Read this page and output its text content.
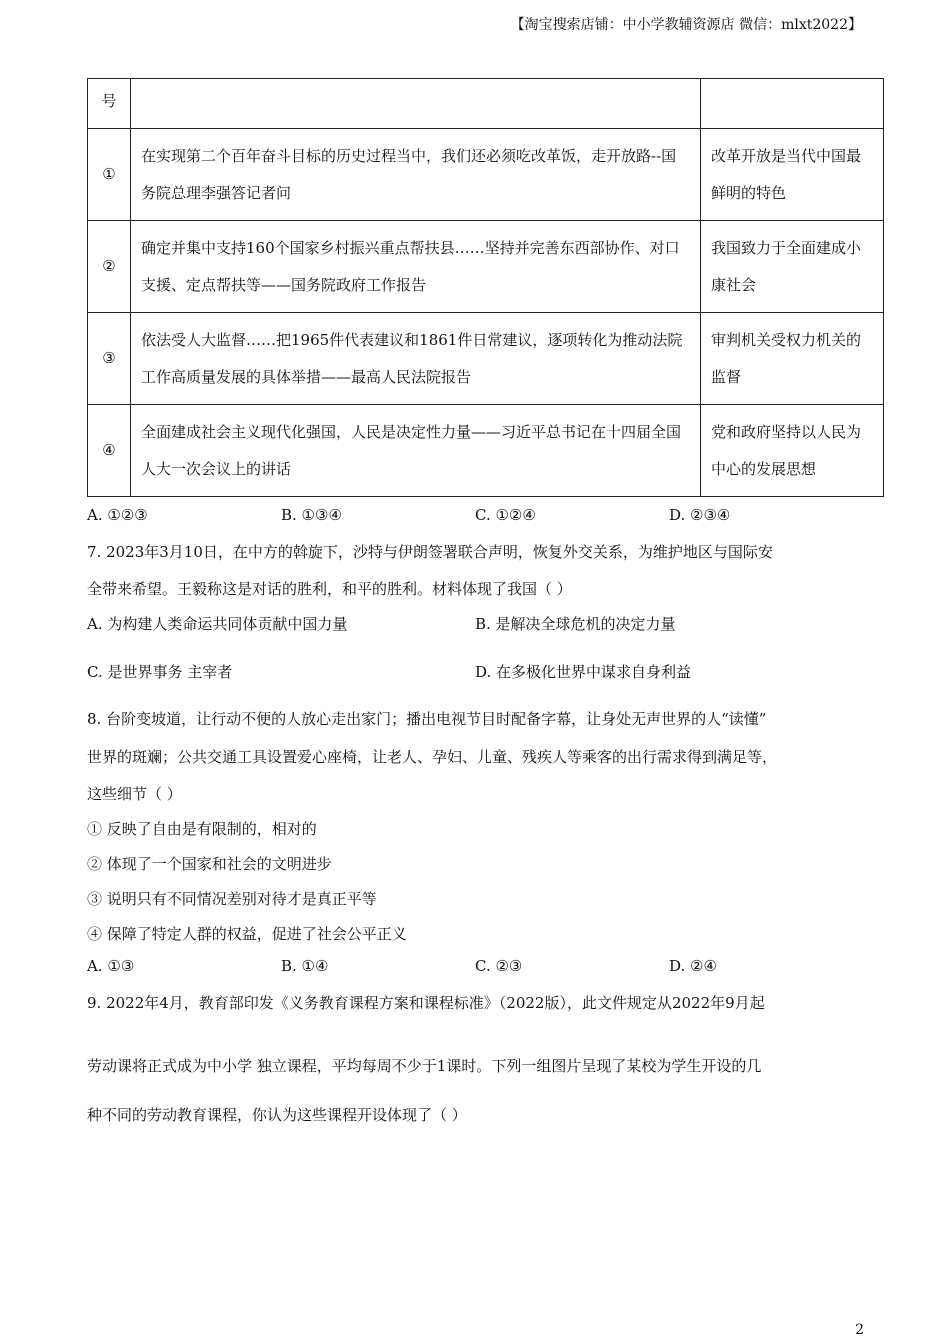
【淘宝搜索店铺：中小学教辅资源店 微信：mlxt2022】
号		
①	在实现第二个百年奋斗目标的历史过程当中，我们还必须吃改革饭，走开放路--国务院总理李强答记者问	改革开放是当代中国最鲜明的特色
②	确定并集中支持160个国家乡村振兴重点帮扶县……坚持并完善东西部协作、对口支援、定点帮扶等——国务院政府工作报告	我国致力于全面建成小康社会
③	依法受人大监督……把1965件代表建议和1861件日常建议，逐项转化为推动法院工作高质量发展的具体举措——最高人民法院报告	审判机关受权力机关的监督
④	全面建成社会主义现代化强国，人民是决定性力量——习近平总书记在十四届全国人大一次会议上的讲话	党和政府坚持以人民为中心的发展思想
A. ①②③	B. ①③④	C. ①②④	D. ②③④
7. 2023年3月10日，在中方的斡旋下，沙特与伊朗签署联合声明，恢复外交关系，为维护地区与国际安
全带来希望。王毅称这是对话的胜利，和平的胜利。材料体现了我国（ ）
A. 为构建人类命运共同体贡献中国力量	B. 是解决全球危机的决定力量
C. 是世界事务 主宰者	D. 在多极化世界中谋求自身利益
8. 台阶变坡道，让行动不便的人放心走出家门；播出电视节目时配备字幕，让身处无声世界的人“读懂”
世界的斑斓；公共交通工具设置爱心座椅，让老人、孕妇、儿童、残疾人等乘客的出行需求得到满足等，
这些细节（ ）
① 反映了自由是有限制的，相对的
② 体现了一个国家和社会的文明进步
③ 说明只有不同情况差别对待才是真正平等
④ 保障了特定人群的权益，促进了社会公平正义
A. ①③	B. ①④	C. ②③	D. ②④
9. 2022年4月，教育部印发《义务教育课程方案和课程标准》（2022版），此文件规定从2022年9月起
劳动课将正式成为中小学 独立课程，平均每周不少于1课时。下列一组图片呈现了某校为学生开设的几
种不同的劳动教育课程，你认为这些课程开设体现了（ ）
2
